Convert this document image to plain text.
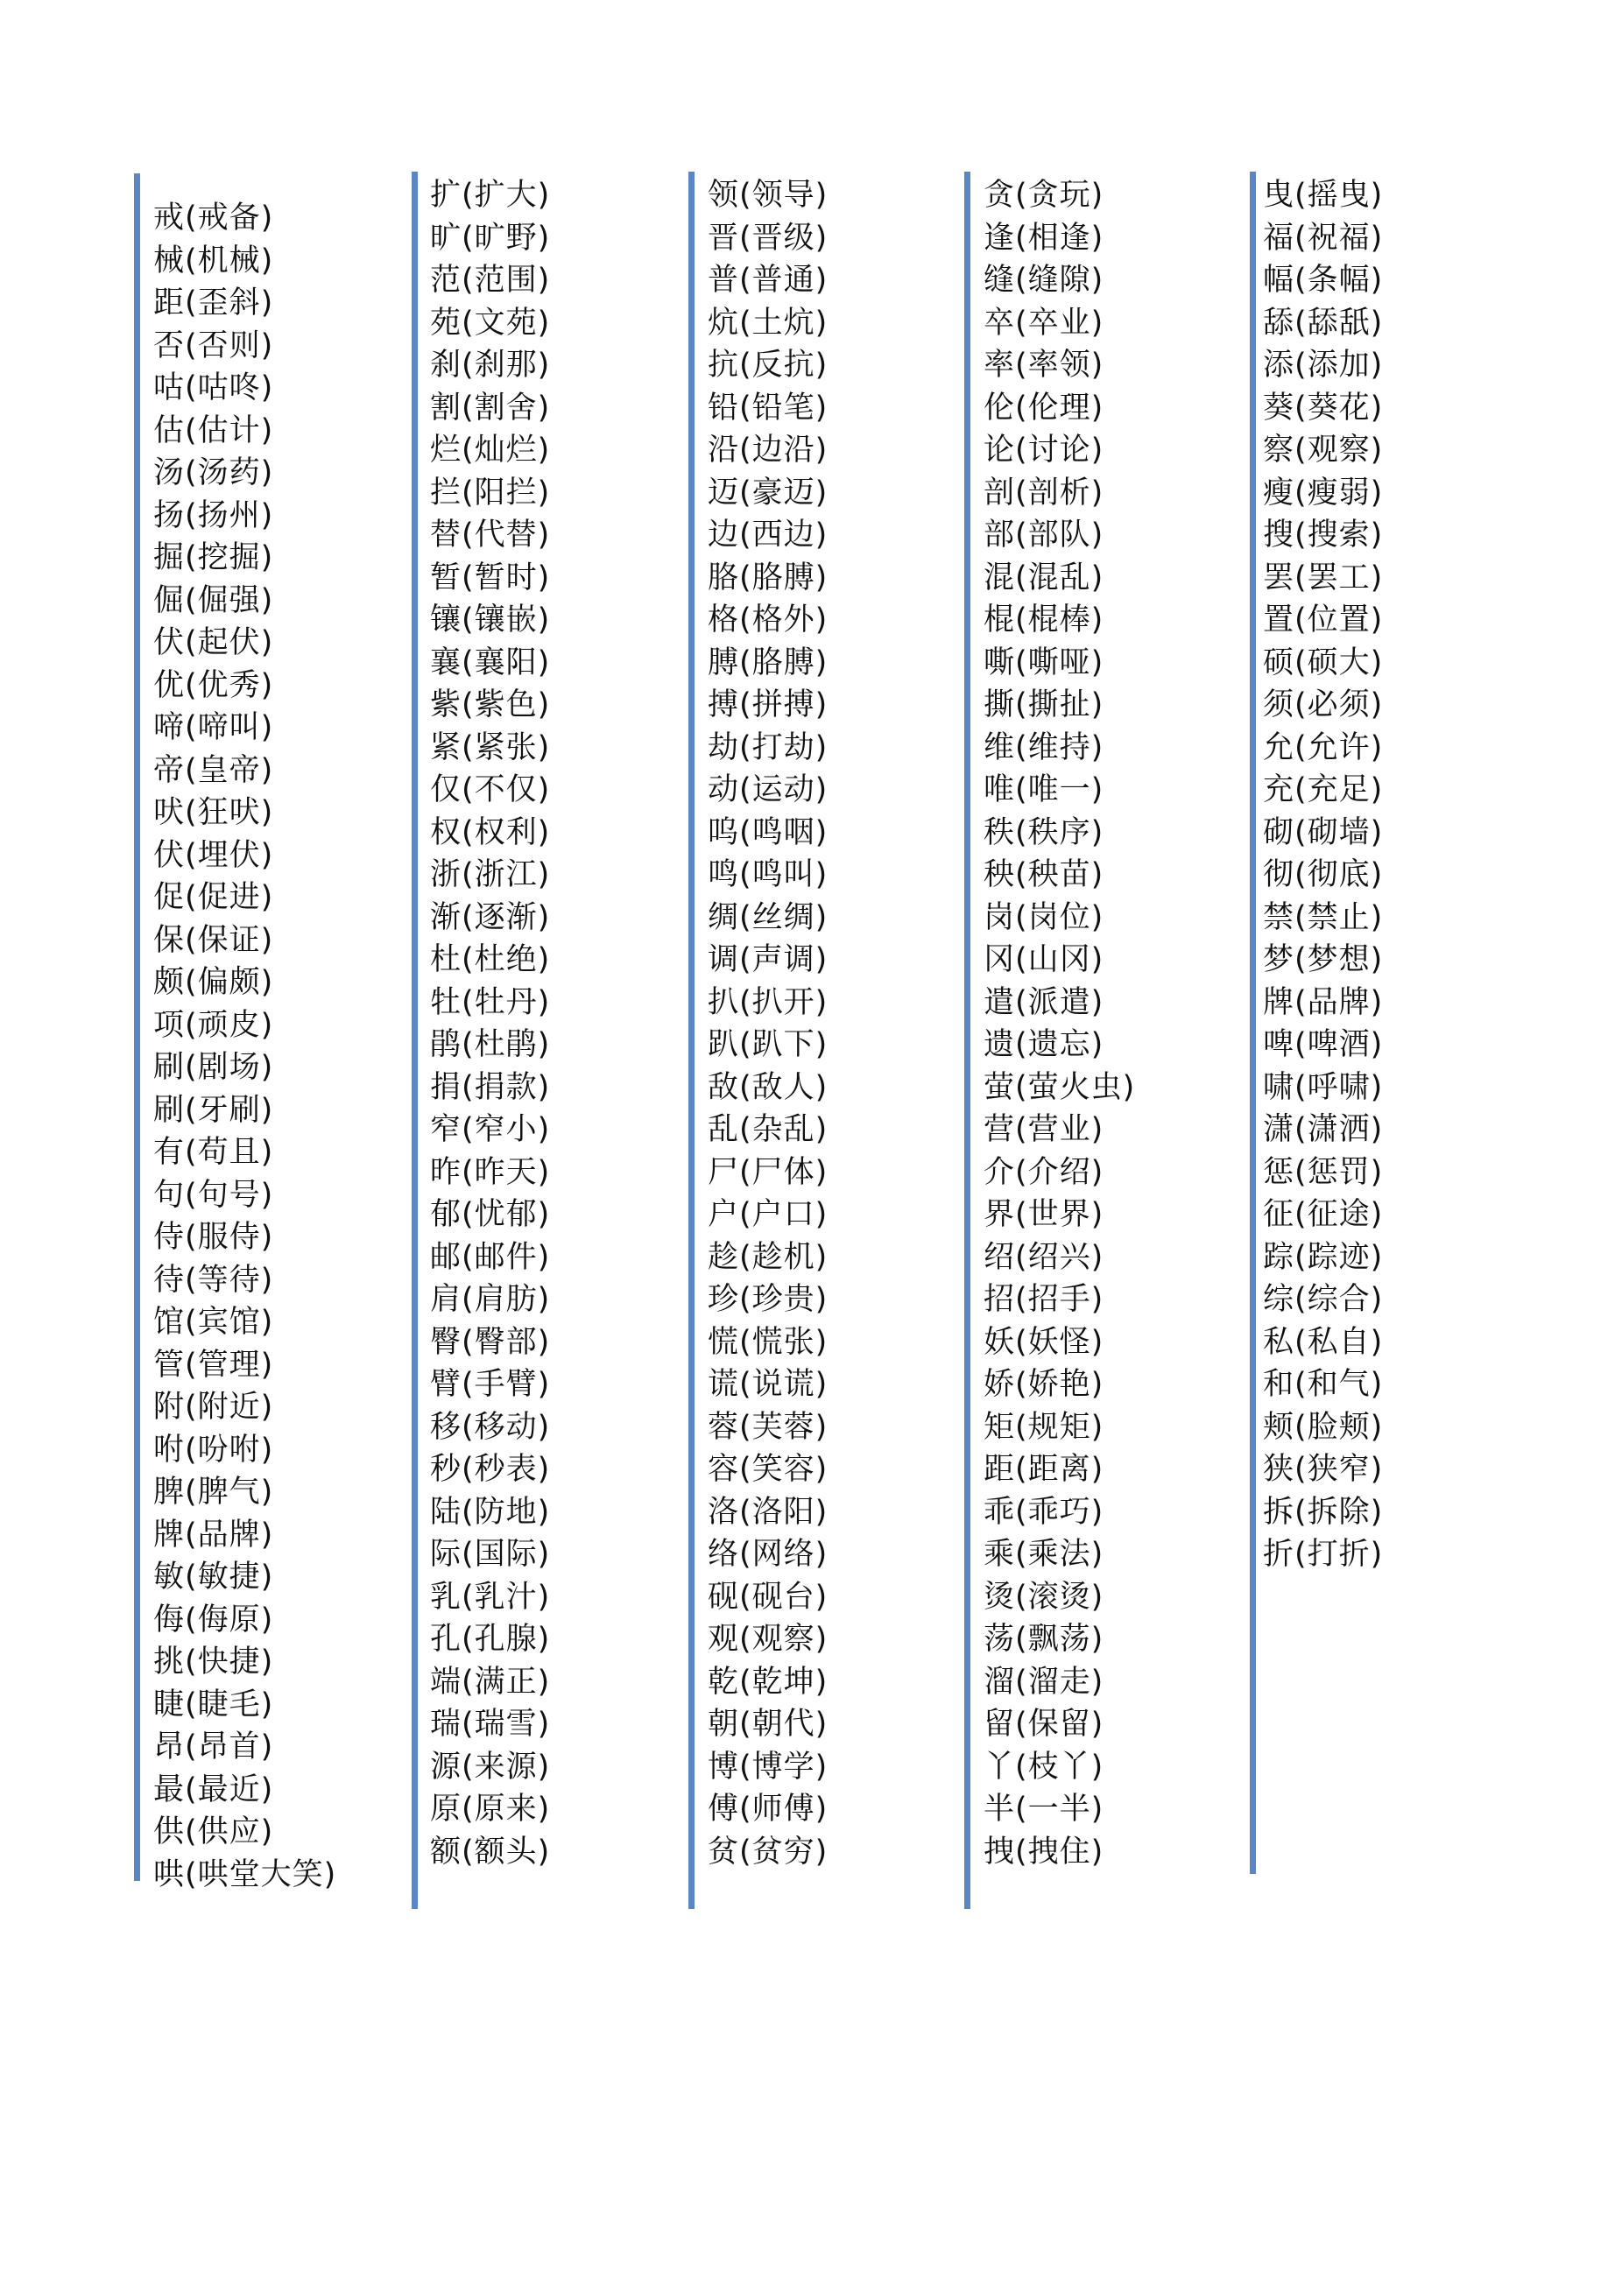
戒(戒备)
械(机械)
距(歪斜)
否(否则)
咕(咕咚)
估(估计)
汤(汤药)
扬(扬州)
掘(挖掘)
倔(倔强)
伏(起伏)
优(优秀)
啼(啼叫)
帝(皇帝)
吠(狂吠)
伏(埋伏)
促(促进)
保(保证)
颇(偏颇)
项(顽皮)
刷(剧场)
刷(牙刷)
有(苟且)
句(句号)
侍(服侍)
待(等待)
馆(宾馆)
管(管理)
附(附近)
咐(吩咐)
脾(脾气)
牌(品牌)
敏(敏捷)
侮(侮原)
挑(快捷)
睫(睫毛)
昂(昂首)
最(最近)
供(供应)
哄(哄堂大笑)
扩(扩大)
旷(旷野)
范(范围)
苑(文苑)
刹(刹那)
割(割舍)
烂(灿烂)
拦(阳拦)
替(代替)
暂(暂时)
镶(镶嵌)
襄(襄阳)
紫(紫色)
紧(紧张)
仅(不仅)
权(权利)
浙(浙江)
渐(逐渐)
杜(杜绝)
牡(牡丹)
鹃(杜鹃)
捐(捐款)
窄(窄小)
昨(昨天)
郁(忧郁)
邮(邮件)
肩(肩肪)
臀(臀部)
臂(手臂)
移(移动)
秒(秒表)
陆(防地)
际(国际)
乳(乳汁)
孔(孔腺)
端(满正)
瑞(瑞雪)
源(来源)
原(原来)
额(额头)
领(领导)
晋(晋级)
普(普通)
炕(土炕)
抗(反抗)
铅(铅笔)
沿(边沿)
迈(豪迈)
边(西边)
胳(胳膊)
格(格外)
膊(胳膊)
搏(拼搏)
劫(打劫)
动(运动)
呜(鸣咽)
鸣(鸣叫)
绸(丝绸)
调(声调)
扒(扒开)
趴(趴下)
敌(敌人)
乱(杂乱)
尸(尸体)
户(户口)
趁(趁机)
珍(珍贵)
慌(慌张)
谎(说谎)
蓉(芙蓉)
容(笑容)
洛(洛阳)
络(网络)
砚(砚台)
观(观察)
乾(乾坤)
朝(朝代)
博(博学)
傅(师傅)
贫(贫穷)
贪(贪玩)
逢(相逢)
缝(缝隙)
卒(卒业)
率(率领)
伦(伦理)
论(讨论)
剖(剖析)
部(部队)
混(混乱)
棍(棍棒)
嘶(嘶哑)
撕(撕扯)
维(维持)
唯(唯一)
秩(秩序)
秧(秧苗)
岗(岗位)
冈(山冈)
遣(派遣)
遗(遗忘)
萤(萤火虫)
营(营业)
介(介绍)
界(世界)
绍(绍兴)
招(招手)
妖(妖怪)
娇(娇艳)
矩(规矩)
距(距离)
乖(乖巧)
乘(乘法)
烫(滚烫)
荡(飘荡)
溜(溜走)
留(保留)
丫(枝丫)
半(一半)
拽(拽住)
曳(摇曳)
福(祝福)
幅(条幅)
舔(舔舐)
添(添加)
葵(葵花)
察(观察)
瘦(瘦弱)
搜(搜索)
罢(罢工)
置(位置)
硕(硕大)
须(必须)
允(允许)
充(充足)
砌(砌墙)
彻(彻底)
禁(禁止)
梦(梦想)
牌(品牌)
啤(啤酒)
啸(呼啸)
潇(潇洒)
惩(惩罚)
征(征途)
踪(踪迹)
综(综合)
私(私自)
和(和气)
颊(脸颊)
狭(狭窄)
拆(拆除)
折(打折)
